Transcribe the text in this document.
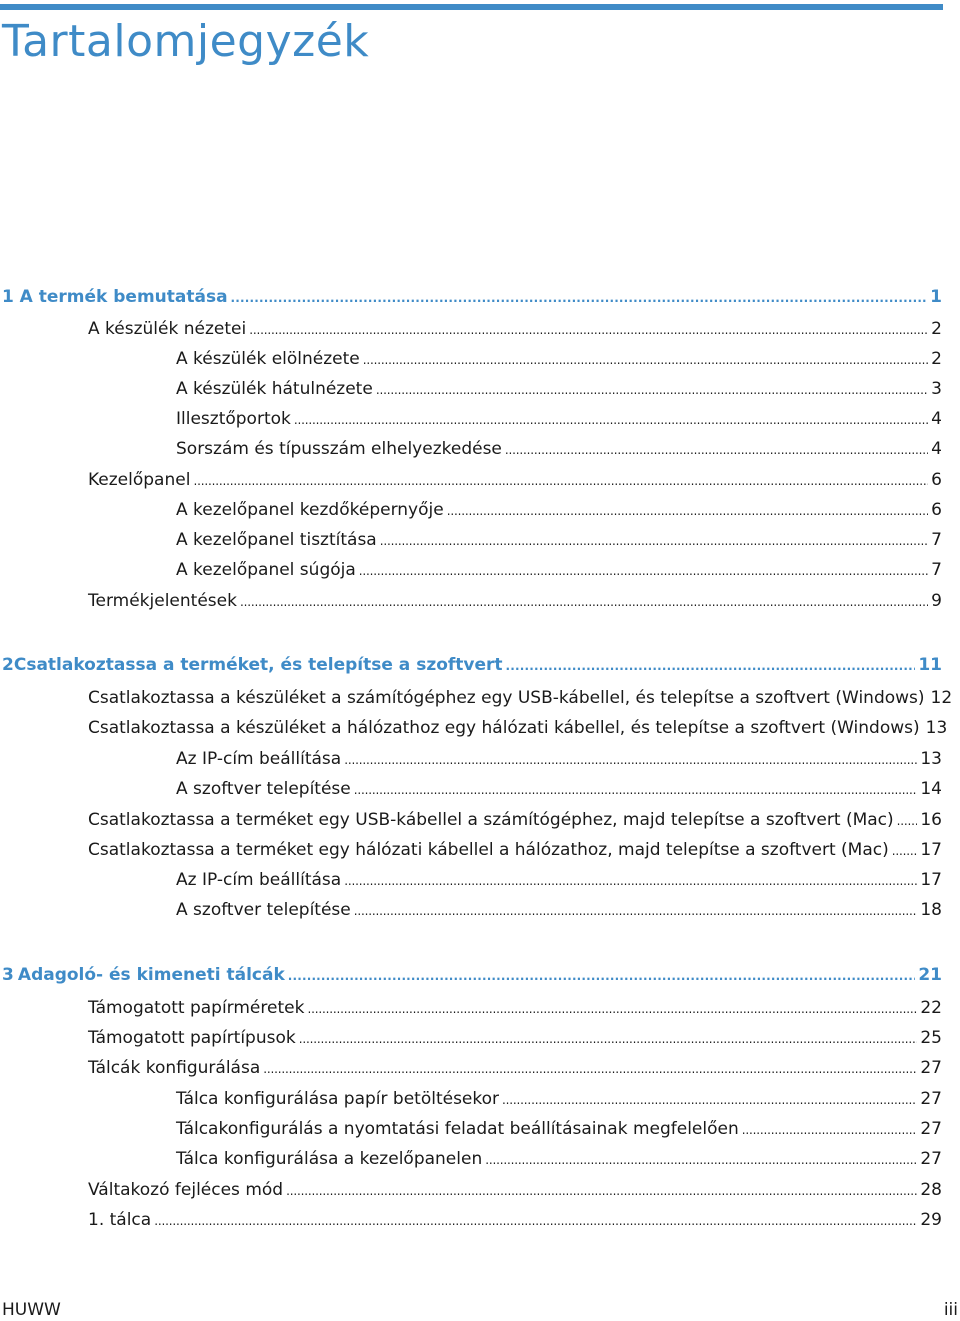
Tartalomjegyzék
1 A termék bemutatása . . .	1
A készülék nézetei . . .	2
A készülék elölnézete . . .	2
A készülék hátulnézete . . .	3
Illesztőportok . . .	4
Sorszám és típusszám elhelyezkedése . . .	4
Kezelőpanel . . .	6
A kezelőpanel kezdőképernyője . . .	6
A kezelőpanel tisztítása . . .	7
A kezelőpanel súgója . . .	7
Termékjelentések . . .	9
2 Csatlakoztassa a terméket, és telepítse a szoftvert . . .	11
Csatlakoztassa a készüléket a számítógéphez egy USB-kábellel, és telepítse a szoftvert (Windows) 12
Csatlakoztassa a készüléket a hálózathoz egy hálózati kábellel, és telepítse a szoftvert (Windows) 13
Az IP-cím beállítása . . .	13
A szoftver telepítése . . .	14
Csatlakoztassa a terméket egy USB-kábellel a számítógéphez, majd telepítse a szoftvert (Mac) . . . 16
Csatlakoztassa a terméket egy hálózati kábellel a hálózathoz, majd telepítse a szoftvert (Mac) . . . 17
Az IP-cím beállítása . . .	17
A szoftver telepítése . . .	18
3 Adagoló- és kimeneti tálcák . . .	21
Támogatott papírméretek . . .	22
Támogatott papírtípusok . . .	25
Tálcák konfigurálása . . .	27
Tálca konfigurálása papír betöltésekor . . .	27
Tálcakonfigurálás a nyomtatási feladat beállításainak megfelelően . . .	27
Tálca konfigurálása a kezelőpanelen . . .	27
Váltakozó fejléces mód . . .	28
1. tálca . . .	29
HUWW	iii
